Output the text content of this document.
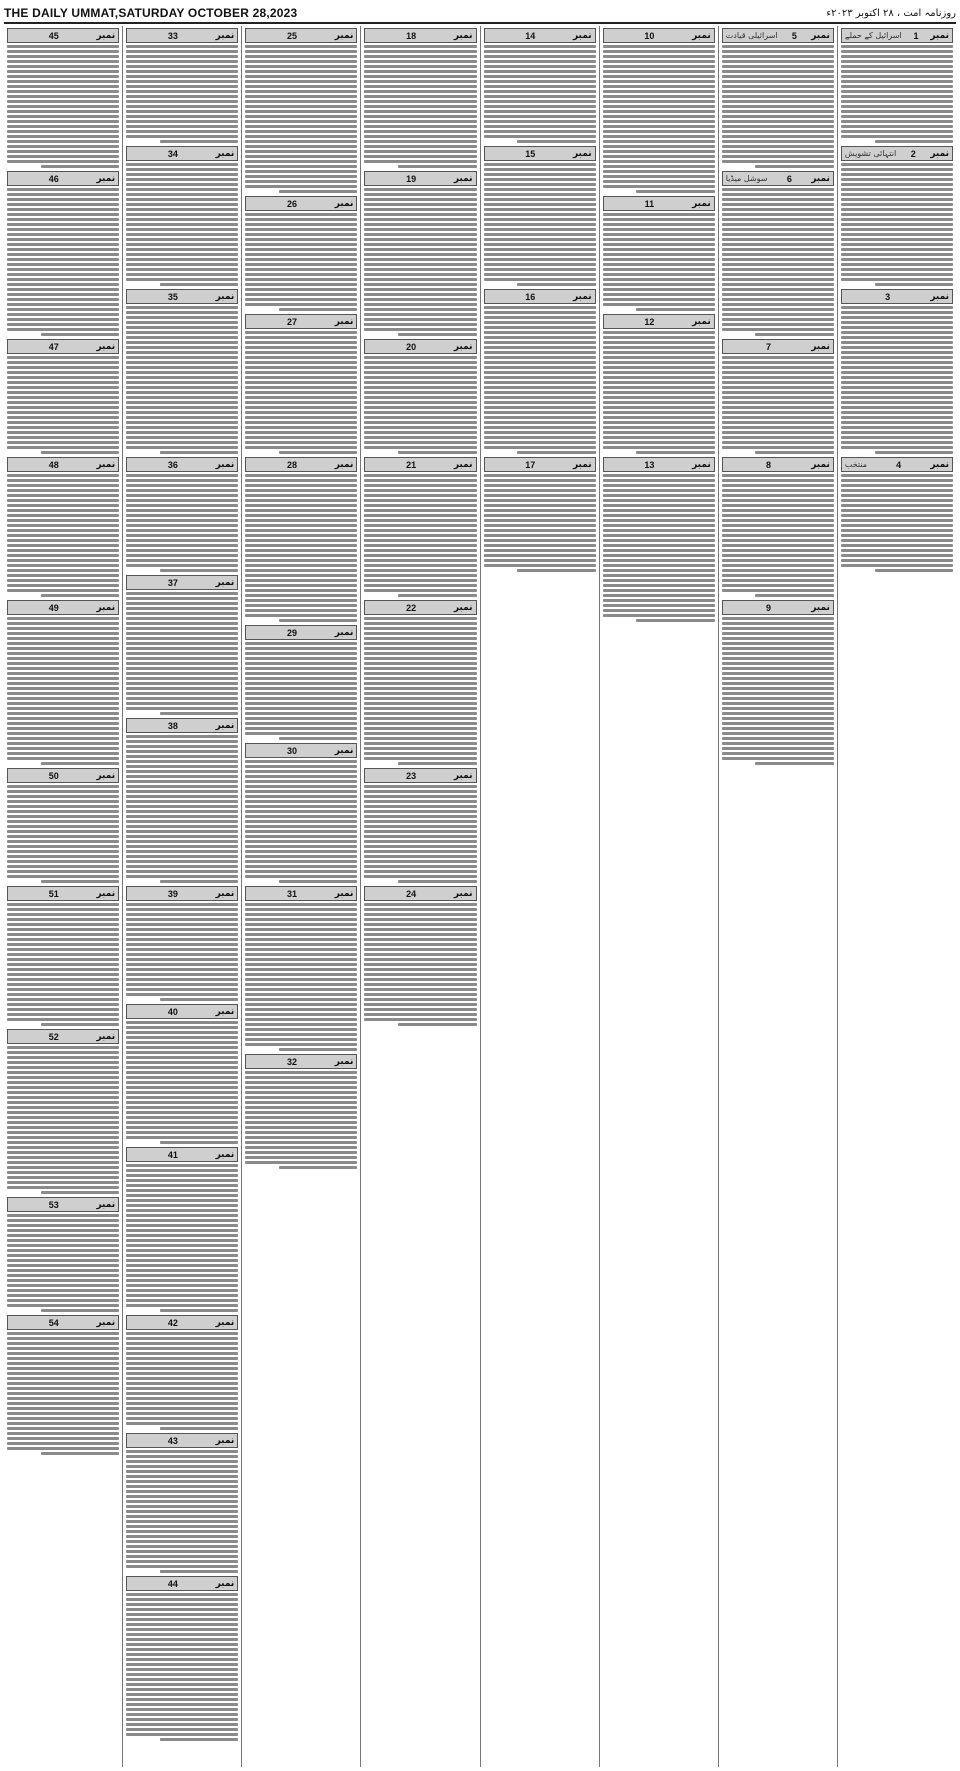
THE DAILY UMMAT,SATURDAY OCTOBER 28,2023	روزنامہ امت ، ۲۸ اکتوبر ۲۰۲۳ء
نمبر
1
اسرائیل کے حملے
نمبر
2
انتہائی تشویش
نمبر
3
نمبر
4
منتخب
نمبر
5
اسرائیلی قیادت
نمبر
6
سوشل میڈیا
نمبر
7
نمبر
8
نمبر
9
نمبر
10
نمبر
11
نمبر
12
نمبر
13
نمبر
14
نمبر
15
نمبر
16
نمبر
17
نمبر
18
نمبر
19
نمبر
20
نمبر
21
نمبر
22
نمبر
23
نمبر
24
نمبر
25
نمبر
26
نمبر
27
نمبر
28
نمبر
29
نمبر
30
نمبر
31
نمبر
32
نمبر
33
نمبر
34
نمبر
35
نمبر
36
نمبر
37
نمبر
38
نمبر
39
نمبر
40
نمبر
41
نمبر
42
نمبر
43
نمبر
44
نمبر
45
نمبر
46
نمبر
47
نمبر
48
نمبر
49
نمبر
50
نمبر
51
نمبر
52
نمبر
53
نمبر
54
